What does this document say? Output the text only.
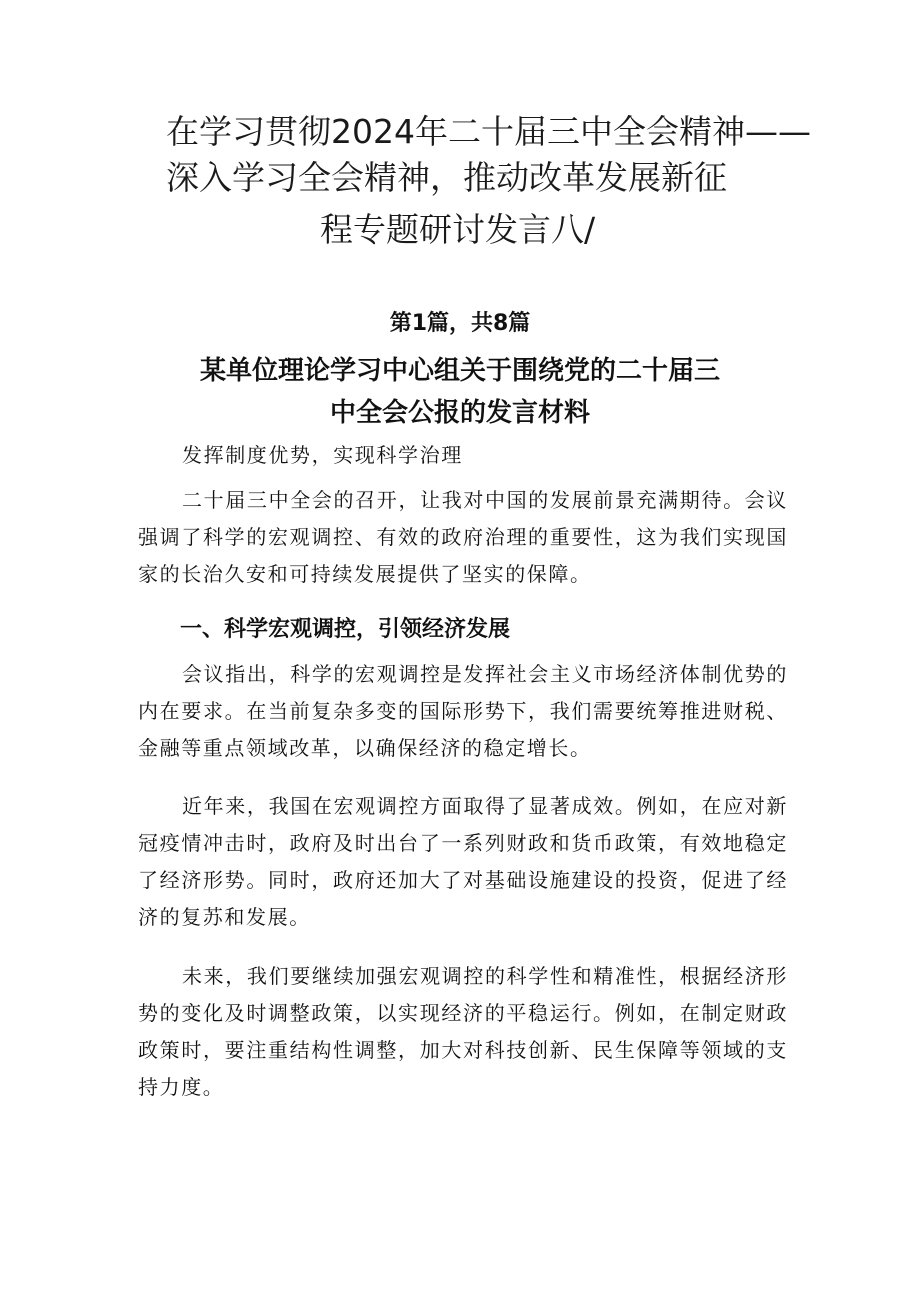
在学习贯彻2024年二十届三中全会精神——
深入学习全会精神，推动改革发展新征
程专题研讨发言八/
第1篇，共8篇
某单位理论学习中心组关于围绕党的二十届三
中全会公报的发言材料
发挥制度优势，实现科学治理
二十届三中全会的召开，让我对中国的发展前景充满期待。会议强调了科学的宏观调控、有效的政府治理的重要性，这为我们实现国家的长治久安和可持续发展提供了坚实的保障。
一、科学宏观调控，引领经济发展
会议指出，科学的宏观调控是发挥社会主义市场经济体制优势的内在要求。在当前复杂多变的国际形势下，我们需要统筹推进财税、金融等重点领域改革，以确保经济的稳定增长。
近年来，我国在宏观调控方面取得了显著成效。例如，在应对新冠疫情冲击时，政府及时出台了一系列财政和货币政策，有效地稳定了经济形势。同时，政府还加大了对基础设施建设的投资，促进了经济的复苏和发展。
未来，我们要继续加强宏观调控的科学性和精准性，根据经济形势的变化及时调整政策，以实现经济的平稳运行。例如，在制定财政政策时，要注重结构性调整，加大对科技创新、民生保障等领域的支持力度。
